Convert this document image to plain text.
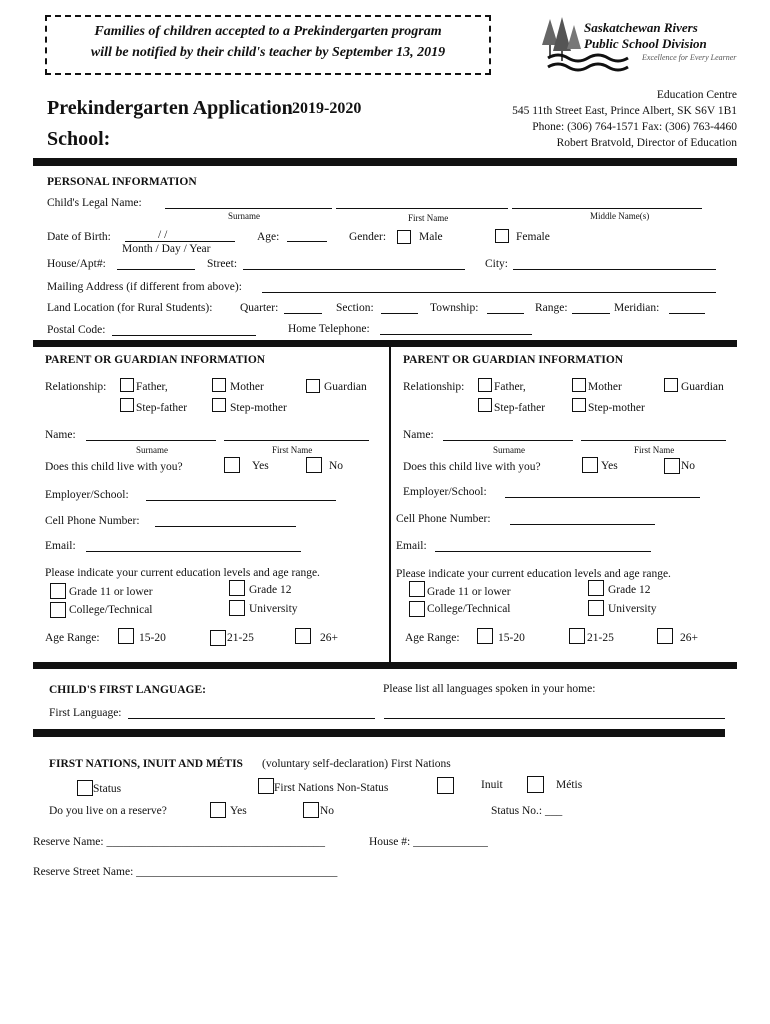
Families of children accepted to a Prekindergarten program
will be notified by their child's teacher by September 13, 2019
Saskatchewan Rivers
Public School Division
Excellence for Every Learner
Prekindergarten Application 2019-2020
School:
Education Centre
545 11th Street East, Prince Albert, SK S6V 1B1
Phone: (306) 764-1571 Fax: (306) 763-4460
Robert Bratvold, Director of Education
PERSONAL INFORMATION
Child's Legal Name:
Surname	First Name	Middle Name(s)
Date of Birth:	/ /
Month / Day / Year
Age:	Gender:	Male	Female
House/Apt#:	Street:	City:
Mailing Address (if different from above):
Land Location (for Rural Students): Quarter:	Section:	Township:	Range:	Meridian:
Postal Code:	Home Telephone:
PARENT OR GUARDIAN INFORMATION
Relationship:	Father,	Mother	Guardian
Step-father	Step-mother
Name:
Surname	First Name
Does this child live with you?	Yes	No
Employer/School:
Cell Phone Number:
Email:
Please indicate your current education levels and age range.
Grade 11 or lower	Grade 12
College/Technical	University
Age Range:	15-20	21-25	26+
PARENT OR GUARDIAN INFORMATION
Relationship:	Father,	Mother	Guardian
Step-father	Step-mother
Name:
Surname	First Name
Does this child live with you?	Yes	No
Employer/School:
Cell Phone Number:
Email:
Please indicate your current education levels and age range.
Grade 11 or lower	Grade 12
College/Technical	University
Age Range:	15-20	21-25	26+
CHILD'S FIRST LANGUAGE:	Please list all languages spoken in your home:
First Language:
FIRST NATIONS, INUIT AND MÉTIS (voluntary self-declaration) First Nations
Status	First Nations Non-Status	Inuit	Métis
Do you live on a reserve?	Yes	No	Status No.: ___
Reserve Name: ______________________________________	House #: _____________
Reserve Street Name: ___________________________________
